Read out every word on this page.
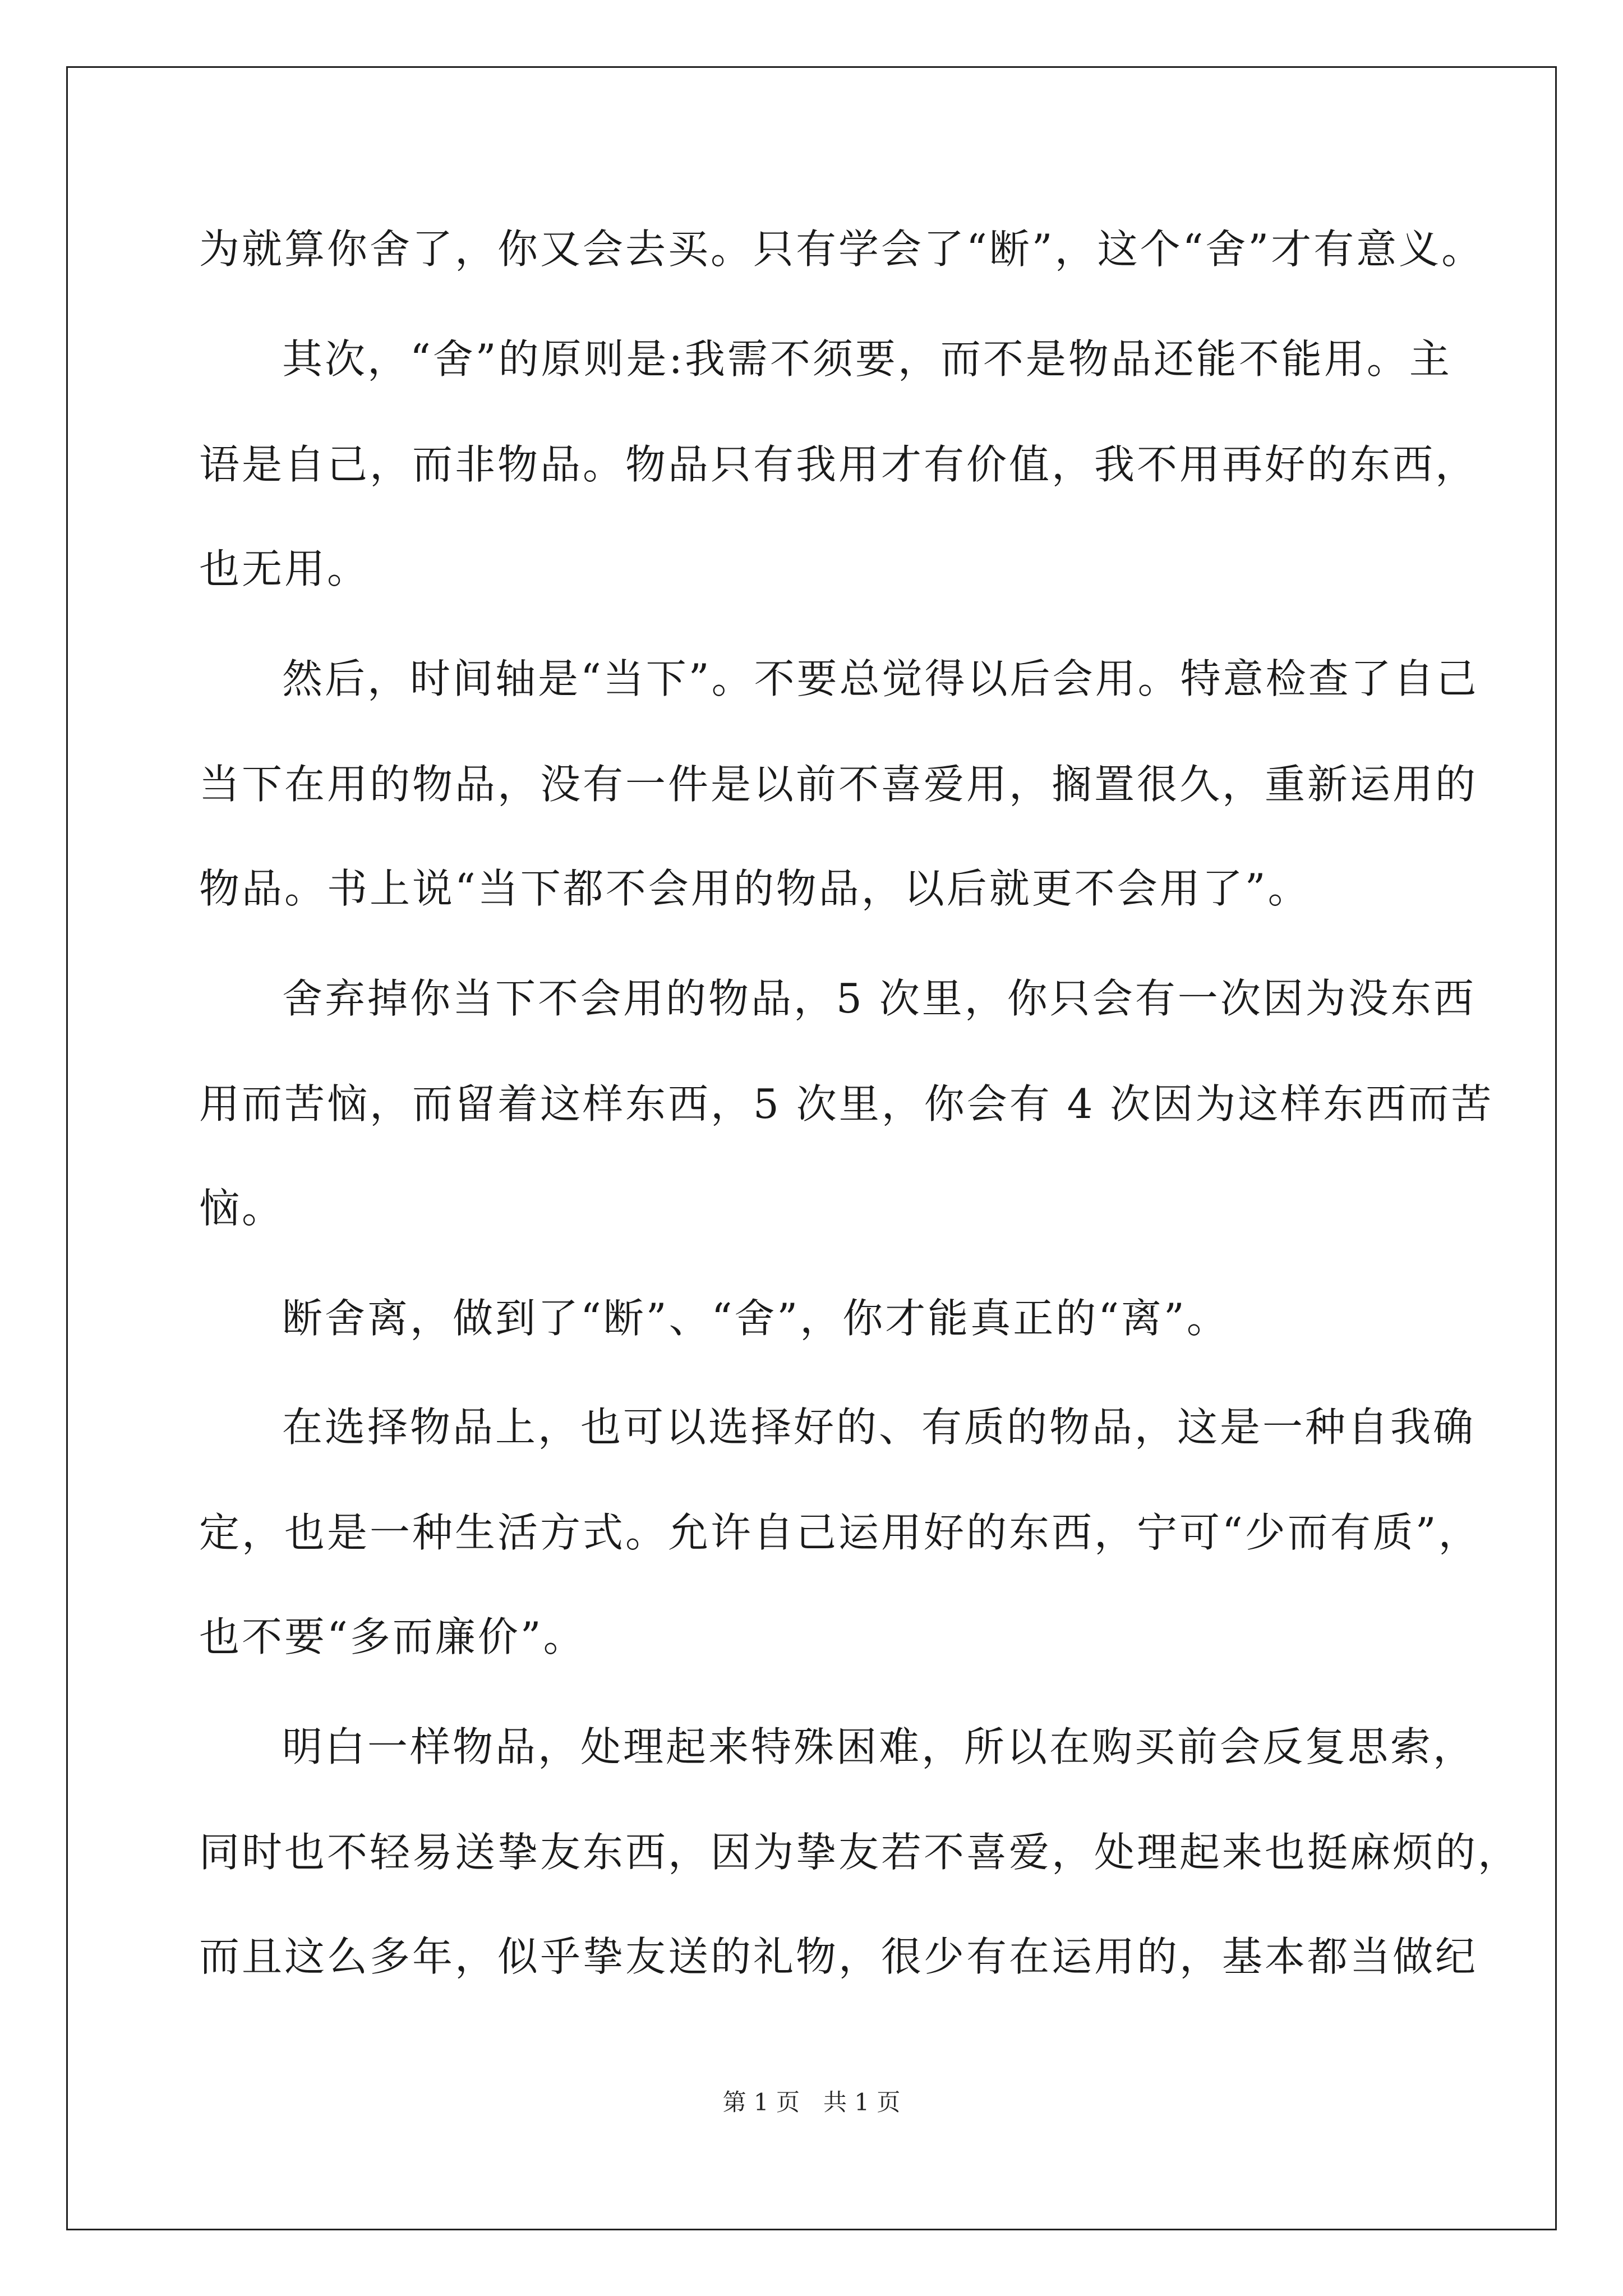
为就算你舍了，你又会去买。只有学会了“断”，这个“舍”才有意义。
其次，“舍”的原则是:我需不须要，而不是物品还能不能用。主
语是自己，而非物品。物品只有我用才有价值，我不用再好的东西，
也无用。
然后，时间轴是“当下”。不要总觉得以后会用。特意检查了自己
当下在用的物品，没有一件是以前不喜爱用，搁置很久，重新运用的
物品。书上说“当下都不会用的物品，以后就更不会用了”。
舍弃掉你当下不会用的物品，5 次里，你只会有一次因为没东西
用而苦恼，而留着这样东西，5 次里，你会有 4 次因为这样东西而苦
恼。
断舍离，做到了“断”、“舍”，你才能真正的“离”。
在选择物品上，也可以选择好的、有质的物品，这是一种自我确
定，也是一种生活方式。允许自己运用好的东西，宁可“少而有质”，
也不要“多而廉价”。
明白一样物品，处理起来特殊困难，所以在购买前会反复思索，
同时也不轻易送挚友东西，因为挚友若不喜爱，处理起来也挺麻烦的，
而且这么多年，似乎挚友送的礼物，很少有在运用的，基本都当做纪
第 1 页　共 1 页
